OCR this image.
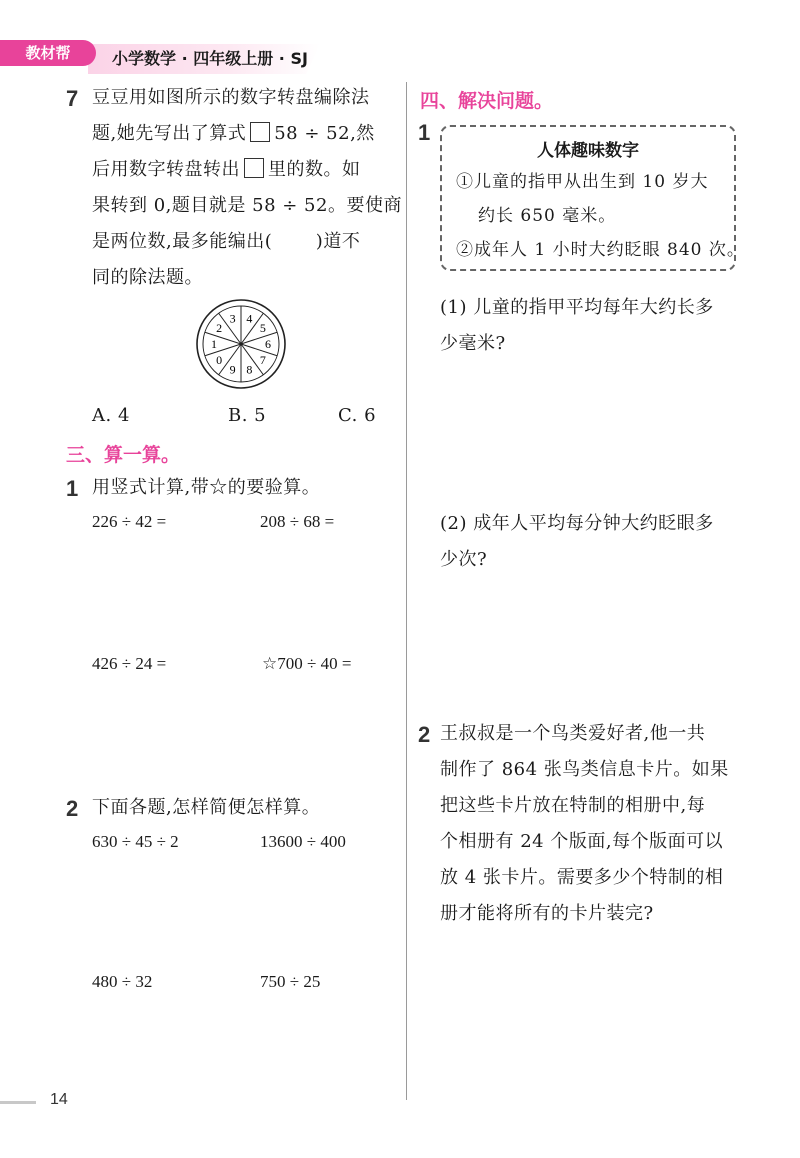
教材帮	小学数学 · 四年级上册 · SJ
7 豆豆用如图所示的数字转盘编除法
题,她先写出了算式 58 ÷ 52,然
后用数字转盘转出 里的数。如
果转到 0,题目就是 58 ÷ 52。要使商
是两位数,最多能编出(       )道不
同的除法题。
4
5
6
7
8
9
0
1
2
3
A. 4	B. 5	C. 6
三、算一算。
1 用竖式计算,带☆的要验算。
226 ÷ 42 =	208 ÷ 68 =
426 ÷ 24 =	☆700 ÷ 40 =
2 下面各题,怎样简便怎样算。
630 ÷ 45 ÷ 2	13600 ÷ 400
480 ÷ 32	750 ÷ 25
四、解决问题。
1
人体趣味数字
①儿童的指甲从出生到 10 岁大
约长 650 毫米。
②成年人 1 小时大约眨眼 840 次。
(1) 儿童的指甲平均每年大约长多
少毫米?
(2) 成年人平均每分钟大约眨眼多
少次?
2 王叔叔是一个鸟类爱好者,他一共
制作了 864 张鸟类信息卡片。如果
把这些卡片放在特制的相册中,每
个相册有 24 个版面,每个版面可以
放 4 张卡片。需要多少个特制的相
册才能将所有的卡片装完?
14
